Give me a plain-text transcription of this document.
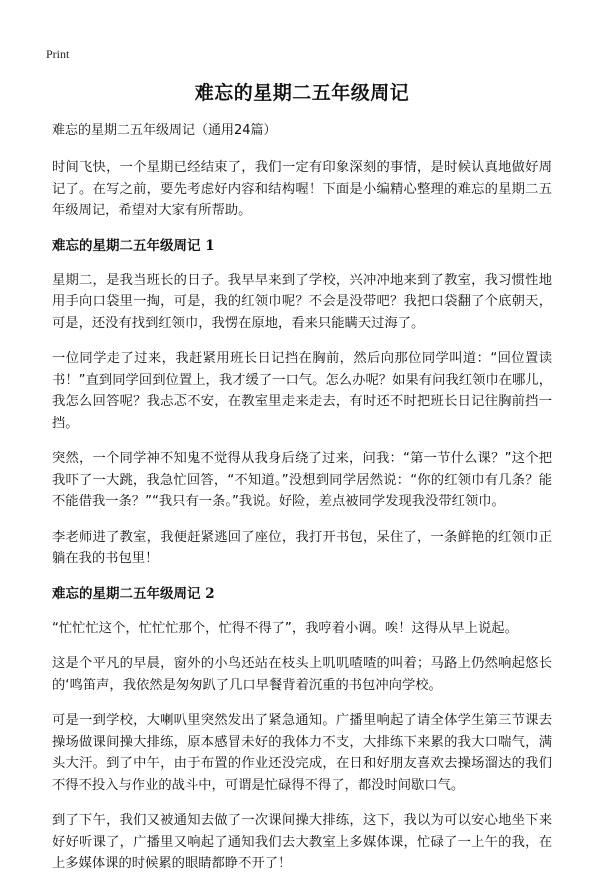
Print
难忘的星期二五年级周记
难忘的星期二五年级周记（通用24篇）

时间飞快，一个星期已经结束了，我们一定有印象深刻的事情，是时候认真地做好周记了。在写之前，要先考虑好内容和结构喔！下面是小编精心整理的难忘的星期二五年级周记，希望对大家有所帮助。

难忘的星期二五年级周记 1

星期二，是我当班长的日子。我早早来到了学校，兴冲冲地来到了教室，我习惯性地用手向口袋里一掏，可是，我的红领巾呢？不会是没带吧？我把口袋翻了个底朝天，可是，还没有找到红领巾，我愣在原地，看来只能瞒天过海了。

一位同学走了过来，我赶紧用班长日记挡在胸前，然后向那位同学叫道：“回位置读书！”直到同学回到位置上，我才缓了一口气。怎么办呢？如果有问我红领巾在哪儿，我怎么回答呢？我忐忑不安，在教室里走来走去，有时还不时把班长日记往胸前挡一挡。

突然，一个同学神不知鬼不觉得从我身后绕了过来，问我：“第一节什么课？”这个把我吓了一大跳，我急忙回答，“不知道。”没想到同学居然说：“你的红领巾有几条？能不能借我一条？”“我只有一条。”我说。好险，差点被同学发现我没带红领巾。

李老师进了教室，我便赶紧逃回了座位，我打开书包，呆住了，一条鲜艳的红领巾正躺在我的书包里！

难忘的星期二五年级周记 2

“忙忙忙这个，忙忙忙那个，忙得不得了”，我哼着小调。唉！这得从早上说起。

这是个平凡的早晨，窗外的小鸟还站在枝头上叽叽喳喳的叫着；马路上仍然响起悠长的‘鸣笛声，我依然是匆匆趴了几口早餐背着沉重的书包冲向学校。

可是一到学校，大喇叭里突然发出了紧急通知。广播里响起了请全体学生第三节课去操场做课间操大排练，原本感冒未好的我体力不支，大排练下来累的我大口喘气，满头大汗。到了中午，由于布置的作业还没完成，在日和好朋友喜欢去操场溜达的我们不得不投入与作业的战斗中，可谓是忙碌得不得了，都没时间歇口气。

到了下午，我们又被通知去做了一次课间操大排练，这下，我以为可以安心地坐下来好好听课了，广播里又响起了通知我们去大教室上多媒体课，忙碌了一上午的我，在上多媒体课的时候累的眼睛都睁不开了！
